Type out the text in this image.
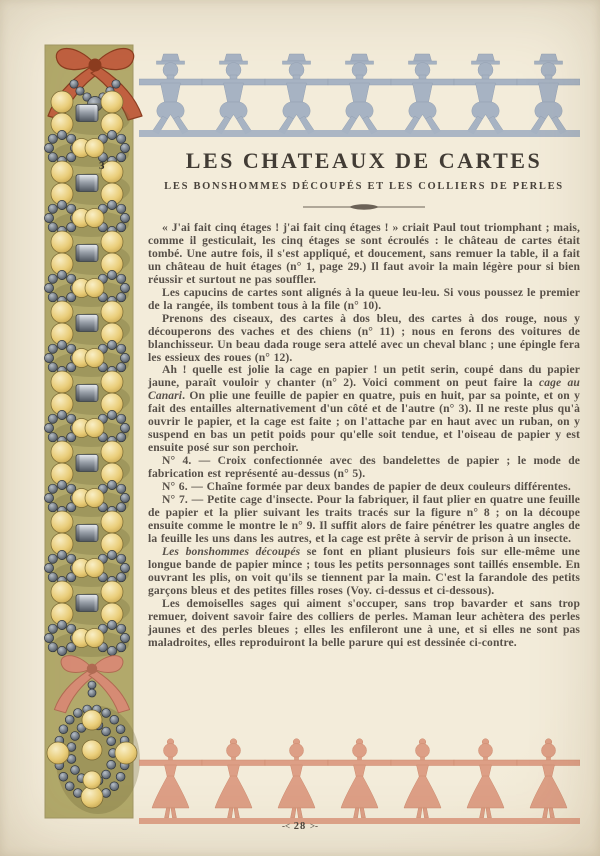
3	LES CHATEAUX DE CARTES
LES BONSHOMMES DÉCOUPÉS ET LES COLLIERS DE PERLES

« J'ai fait cinq étages ! j'ai fait cinq étages ! » criait Paul tout triomphant ; mais, comme il gesticulait, les cinq étages se sont écroulés : le château de cartes était tombé. Une autre fois, il s'est appliqué, et doucement, sans remuer la table, il a fait un château de huit étages (n° 1, page 29.) Il faut avoir la main légère pour si bien réussir et surtout ne pas souffler.

Les capucins de cartes sont alignés à la queue leu-leu. Si vous poussez le premier de la rangée, ils tombent tous à la file (n° 10).

Prenons des ciseaux, des cartes à dos bleu, des cartes à dos rouge, nous y découperons des vaches et des chiens (n° 11) ; nous en ferons des voitures de blanchisseur. Un beau dada rouge sera attelé avec un cheval blanc ; une épingle fera les essieux des roues (n° 12).

Ah ! quelle est jolie la cage en papier ! un petit serin, coupé dans du papier jaune, paraît vouloir y chanter (n° 2). Voici comment on peut faire la cage au Canari. On plie une feuille de papier en quatre, puis en huit, par sa pointe, et on y fait des entailles alternativement d'un côté et de l'autre (n° 3). Il ne reste plus qu'à ouvrir le papier, et la cage est faite ; on l'attache par en haut avec un ruban, on y suspend en bas un petit poids pour qu'elle soit tendue, et l'oiseau de papier y est ensuite posé sur son perchoir.

N° 4. — Croix confectionnée avec des bandelettes de papier ; le mode de fabrication est représenté au-dessus (n° 5).

N° 6. — Chaîne formée par deux bandes de papier de deux couleurs différentes.

N° 7. — Petite cage d'insecte. Pour la fabriquer, il faut plier en quatre une feuille de papier et la plier suivant les traits tracés sur la figure n° 8 ; on la découpe ensuite comme le montre le n° 9. Il suffit alors de faire pénétrer les quatre angles de la feuille les uns dans les autres, et la cage est prête à servir de prison à un insecte.

Les bonshommes découpés se font en pliant plusieurs fois sur elle-même une longue bande de papier mince ; tous les petits personnages sont taillés ensemble. En ouvrant les plis, on voit qu'ils se tiennent par la main. C'est la farandole des petits garçons bleus et des petites filles roses (Voy. ci-dessus et ci-dessous).

Les demoiselles sages qui aiment s'occuper, sans trop bavarder et sans trop remuer, doivent savoir faire des colliers de perles. Maman leur achètera des perles jaunes et des perles bleues ; elles les enfileront une à une, et si elles ne sont pas maladroites, elles reproduiront la belle parure qui est dessinée ci-contre.

-< 28 >-
